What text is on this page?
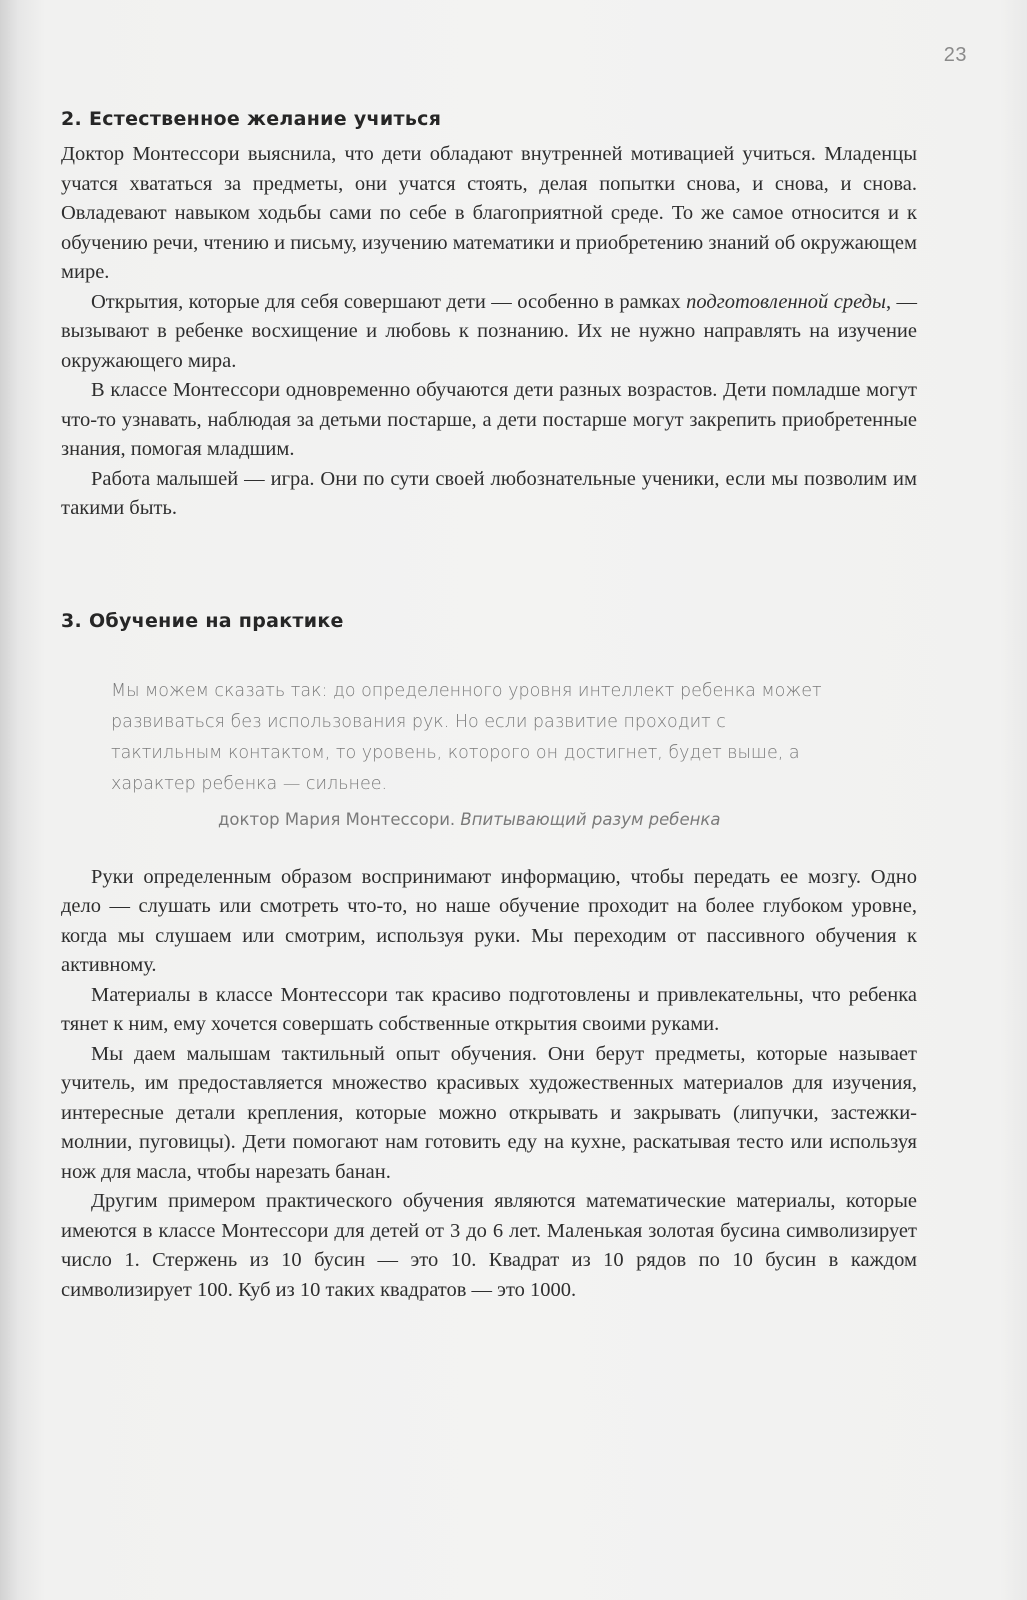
23
2. Естественное желание учиться

Доктор Монтессори выяснила, что дети обладают внутренней мотивацией учиться. Младенцы учатся хвататься за предметы, они учатся стоять, делая попытки снова, и снова, и снова. Овладевают навыком ходьбы сами по себе в благоприятной среде. То же самое относится и к обучению речи, чтению и письму, изучению математики и приобретению знаний об окружающем мире.

Открытия, которые для себя совершают дети — особенно в рамках подготовленной среды, — вызывают в ребенке восхищение и любовь к познанию. Их не нужно направлять на изучение окружающего мира.

В классе Монтессори одновременно обучаются дети разных возрастов. Дети помладше могут что-то узнавать, наблюдая за детьми постарше, а дети постарше могут закрепить приобретенные знания, помогая младшим.

Работа малышей — игра. Они по сути своей любознательные ученики, если мы позволим им такими быть.

3. Обучение на практике

Мы можем сказать так: до определенного уровня интеллект ребенка может развиваться без использования рук. Но если развитие проходит с тактильным контактом, то уровень, которого он достигнет, будет выше, а характер ребенка — сильнее.

доктор Мария Монтессори. Впитывающий разум ребенка

Руки определенным образом воспринимают информацию, чтобы передать ее мозгу. Одно дело — слушать или смотреть что-то, но наше обучение проходит на более глубоком уровне, когда мы слушаем или смотрим, используя руки. Мы переходим от пассивного обучения к активному.

Материалы в классе Монтессори так красиво подготовлены и привлекательны, что ребенка тянет к ним, ему хочется совершать собственные открытия своими руками.

Мы даем малышам тактильный опыт обучения. Они берут предметы, которые называет учитель, им предоставляется множество красивых художественных материалов для изучения, интересные детали крепления, которые можно открывать и закрывать (липучки, застежки-молнии, пуговицы). Дети помогают нам готовить еду на кухне, раскатывая тесто или используя нож для масла, чтобы нарезать банан.

Другим примером практического обучения являются математические материалы, которые имеются в классе Монтессори для детей от 3 до 6 лет. Маленькая золотая бусина символизирует число 1. Стержень из 10 бусин — это 10. Квадрат из 10 рядов по 10 бусин в каждом символизирует 100. Куб из 10 таких квадратов — это 1000.
